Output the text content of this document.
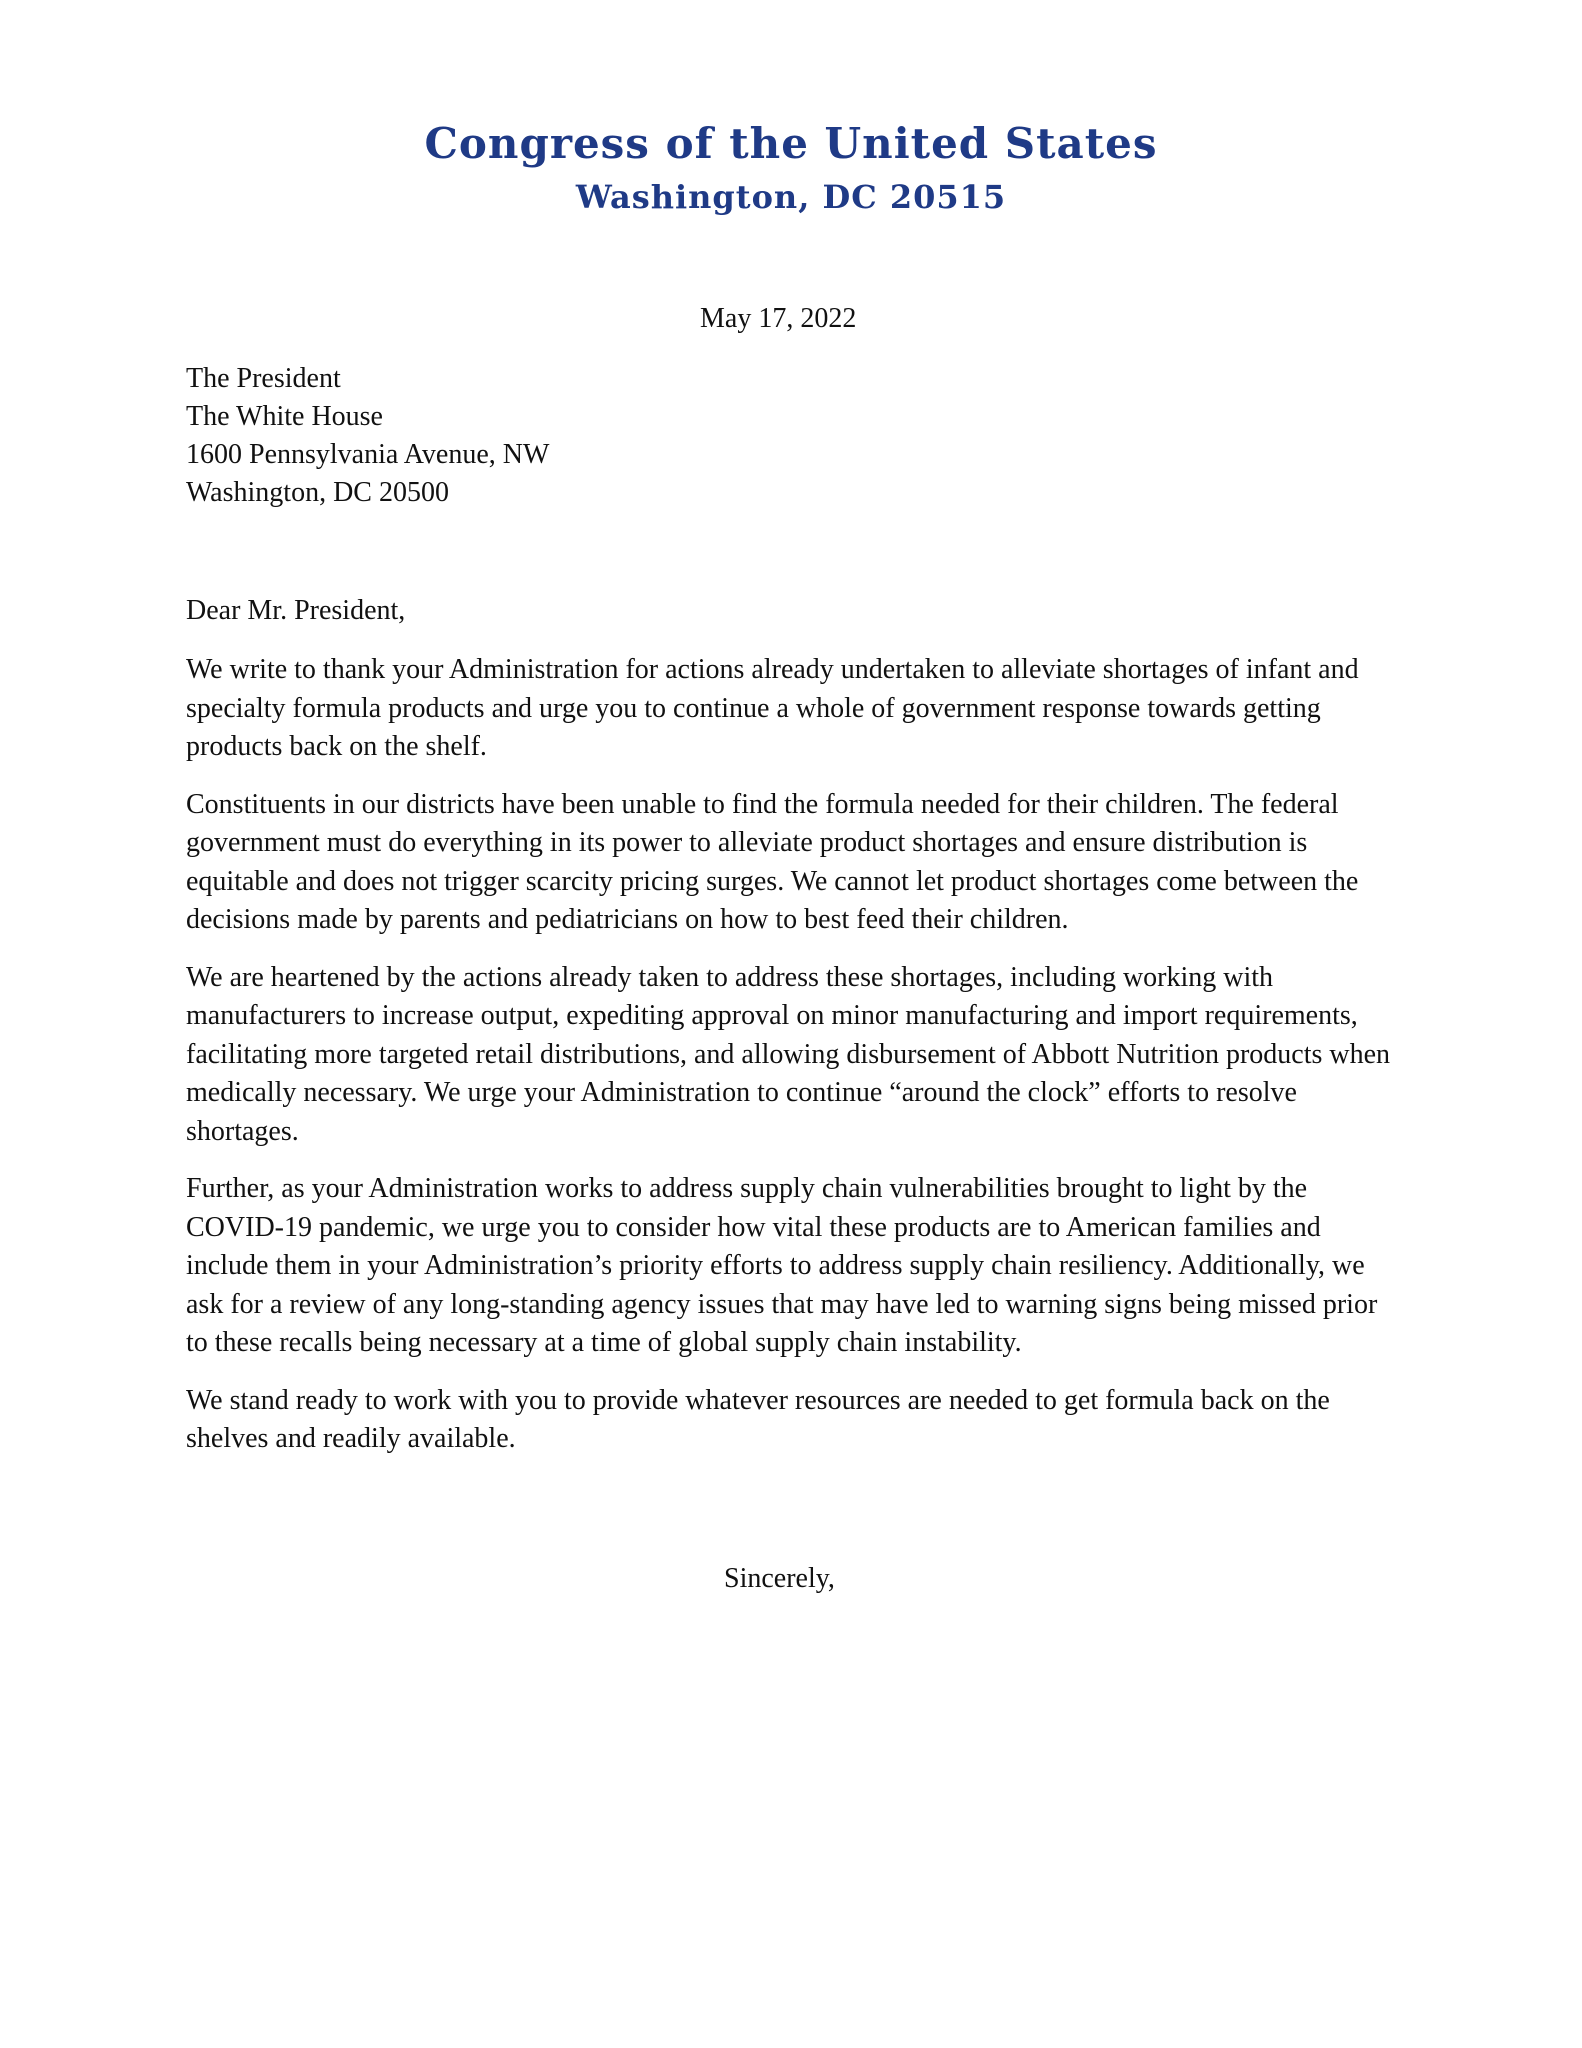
Congress of the United States
Washington, DC 20515
May 17, 2022
The President
The White House
1600 Pennsylvania Avenue, NW
Washington, DC 20500
Dear Mr. President,

We write to thank your Administration for actions already undertaken to alleviate shortages of infant and specialty formula products and urge you to continue a whole of government response towards getting products back on the shelf.

Constituents in our districts have been unable to find the formula needed for their children. The federal government must do everything in its power to alleviate product shortages and ensure distribution is equitable and does not trigger scarcity pricing surges. We cannot let product shortages come between the decisions made by parents and pediatricians on how to best feed their children.

We are heartened by the actions already taken to address these shortages, including working with manufacturers to increase output, expediting approval on minor manufacturing and import requirements, facilitating more targeted retail distributions, and allowing disbursement of Abbott Nutrition products when medically necessary. We urge your Administration to continue “around the clock” efforts to resolve shortages.

Further, as your Administration works to address supply chain vulnerabilities brought to light by the COVID-19 pandemic, we urge you to consider how vital these products are to American families and include them in your Administration’s priority efforts to address supply chain resiliency. Additionally, we ask for a review of any long-standing agency issues that may have led to warning signs being missed prior to these recalls being necessary at a time of global supply chain instability.

We stand ready to work with you to provide whatever resources are needed to get formula back on the shelves and readily available.

Sincerely,
